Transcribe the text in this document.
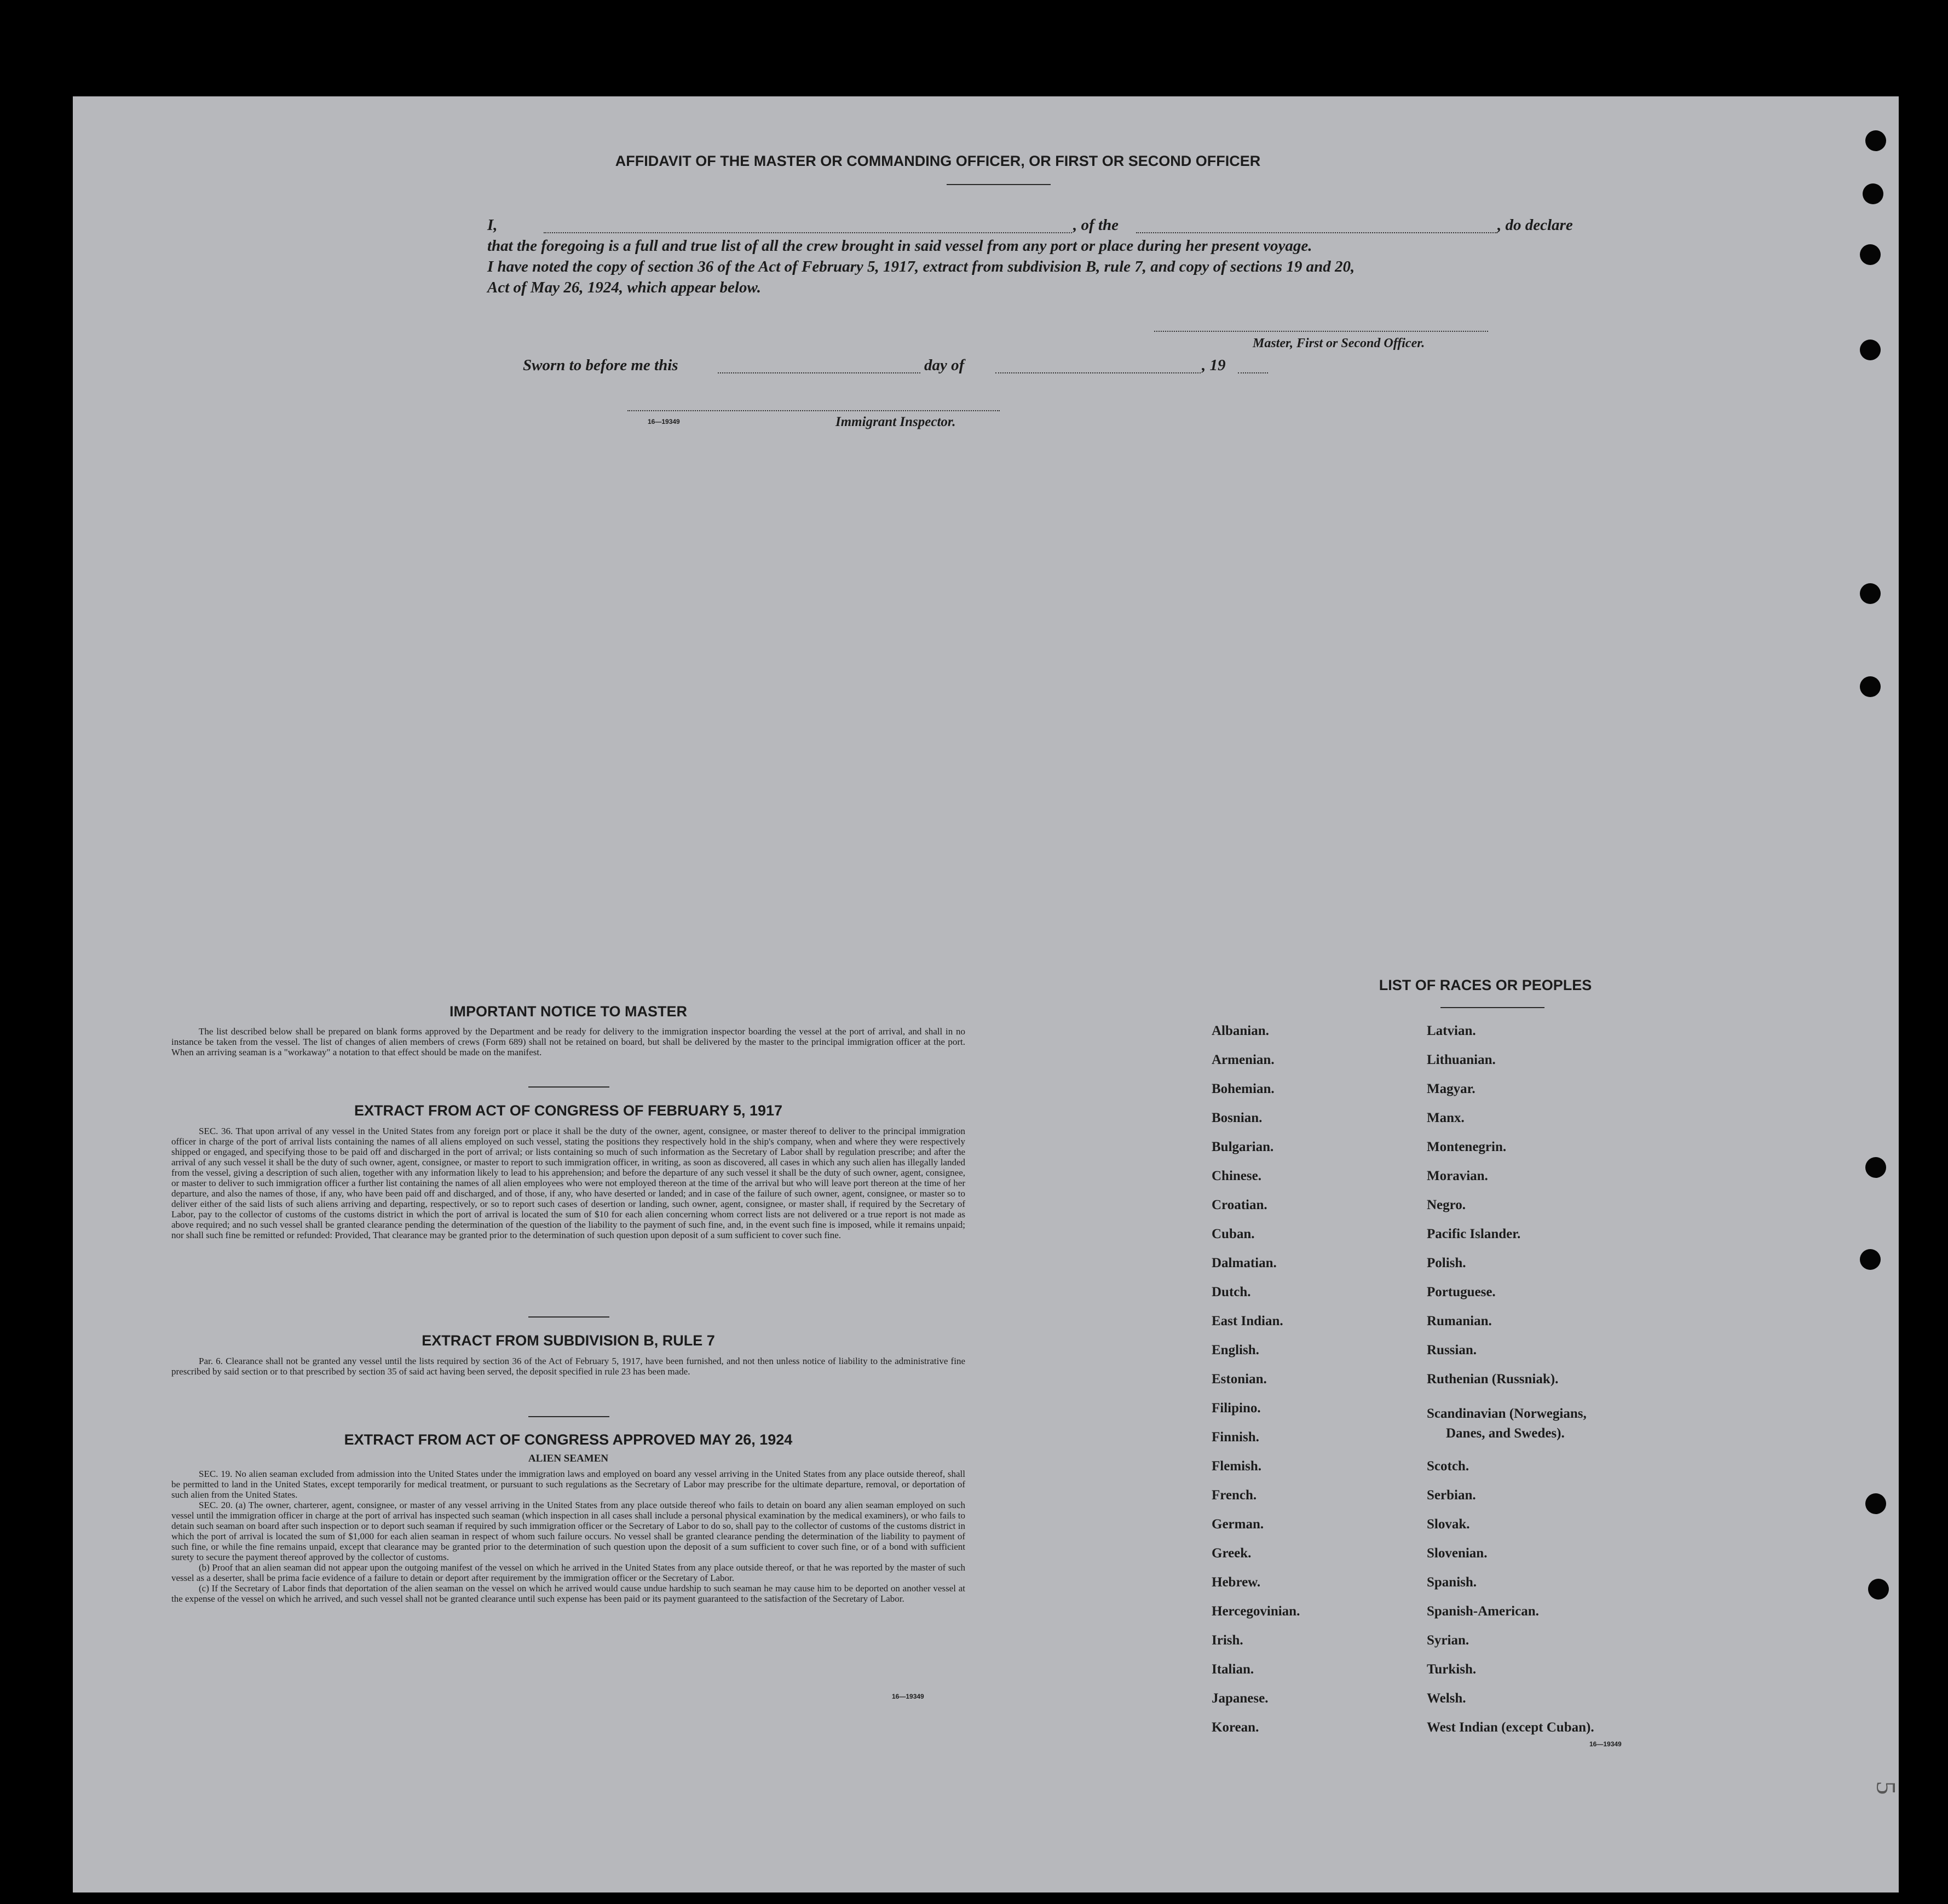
AFFIDAVIT OF THE MASTER OR COMMANDING OFFICER, OR FIRST OR SECOND OFFICER
I,	, of the	, do declare
that the foregoing is a full and true list of all the crew brought in said vessel from any port or place during her present voyage.
I have noted the copy of section 36 of the Act of February 5, 1917, extract from subdivision B, rule 7, and copy of sections 19 and 20,
Act of May 26, 1924, which appear below.
Master, First or Second Officer.
Sworn to before me this	day of	, 19
16—19349	Immigrant Inspector.
IMPORTANT NOTICE TO MASTER

The list described below shall be prepared on blank forms approved by the Department and be ready for delivery to the immigration inspector boarding the vessel at the port of arrival, and shall in no instance be taken from the vessel. The list of changes of alien members of crews (Form 689) shall not be retained on board, but shall be delivered by the master to the principal immigration officer at the port. When an arriving seaman is a "workaway" a notation to that effect should be made on the manifest.

EXTRACT FROM ACT OF CONGRESS OF FEBRUARY 5, 1917

SEC. 36. That upon arrival of any vessel in the United States from any foreign port or place it shall be the duty of the owner, agent, consignee, or master thereof to deliver to the principal immigration officer in charge of the port of arrival lists containing the names of all aliens employed on such vessel, stating the positions they respectively hold in the ship's company, when and where they were respectively shipped or engaged, and specifying those to be paid off and discharged in the port of arrival; or lists containing so much of such information as the Secretary of Labor shall by regulation prescribe; and after the arrival of any such vessel it shall be the duty of such owner, agent, consignee, or master to report to such immigration officer, in writing, as soon as discovered, all cases in which any such alien has illegally landed from the vessel, giving a description of such alien, together with any information likely to lead to his apprehension; and before the departure of any such vessel it shall be the duty of such owner, agent, consignee, or master to deliver to such immigration officer a further list containing the names of all alien employees who were not employed thereon at the time of the arrival but who will leave port thereon at the time of her departure, and also the names of those, if any, who have been paid off and discharged, and of those, if any, who have deserted or landed; and in case of the failure of such owner, agent, consignee, or master so to deliver either of the said lists of such aliens arriving and departing, respectively, or so to report such cases of desertion or landing, such owner, agent, consignee, or master shall, if required by the Secretary of Labor, pay to the collector of customs of the customs district in which the port of arrival is located the sum of $10 for each alien concerning whom correct lists are not delivered or a true report is not made as above required; and no such vessel shall be granted clearance pending the determination of the question of the liability to the payment of such fine, and, in the event such fine is imposed, while it remains unpaid; nor shall such fine be remitted or refunded: Provided, That clearance may be granted prior to the determination of such question upon deposit of a sum sufficient to cover such fine.

EXTRACT FROM SUBDIVISION B, RULE 7

Par. 6. Clearance shall not be granted any vessel until the lists required by section 36 of the Act of February 5, 1917, have been furnished, and not then unless notice of liability to the administrative fine prescribed by said section or to that prescribed by section 35 of said act having been served, the deposit specified in rule 23 has been made.

EXTRACT FROM ACT OF CONGRESS APPROVED MAY 26, 1924
ALIEN SEAMEN

SEC. 19. No alien seaman excluded from admission into the United States under the immigration laws and employed on board any vessel arriving in the United States from any place outside thereof, shall be permitted to land in the United States, except temporarily for medical treatment, or pursuant to such regulations as the Secretary of Labor may prescribe for the ultimate departure, removal, or deportation of such alien from the United States.

SEC. 20. (a) The owner, charterer, agent, consignee, or master of any vessel arriving in the United States from any place outside thereof who fails to detain on board any alien seaman employed on such vessel until the immigration officer in charge at the port of arrival has inspected such seaman (which inspection in all cases shall include a personal physical examination by the medical examiners), or who fails to detain such seaman on board after such inspection or to deport such seaman if required by such immigration officer or the Secretary of Labor to do so, shall pay to the collector of customs of the customs district in which the port of arrival is located the sum of $1,000 for each alien seaman in respect of whom such failure occurs. No vessel shall be granted clearance pending the determination of the liability to payment of such fine, or while the fine remains unpaid, except that clearance may be granted prior to the determination of such question upon the deposit of a sum sufficient to cover such fine, or of a bond with sufficient surety to secure the payment thereof approved by the collector of customs.

(b) Proof that an alien seaman did not appear upon the outgoing manifest of the vessel on which he arrived in the United States from any place outside thereof, or that he was reported by the master of such vessel as a deserter, shall be prima facie evidence of a failure to detain or deport after requirement by the immigration officer or the Secretary of Labor.

(c) If the Secretary of Labor finds that deportation of the alien seaman on the vessel on which he arrived would cause undue hardship to such seaman he may cause him to be deported on another vessel at the expense of the vessel on which he arrived, and such vessel shall not be granted clearance until such expense has been paid or its payment guaranteed to the satisfaction of the Secretary of Labor.

16—19349
LIST OF RACES OR PEOPLES
Albanian.
Armenian.
Bohemian.
Bosnian.
Bulgarian.
Chinese.
Croatian.
Cuban.
Dalmatian.
Dutch.
East Indian.
English.
Estonian.
Filipino.
Finnish.
Flemish.
French.
German.
Greek.
Hebrew.
Hercegovinian.
Irish.
Italian.
Japanese.
Korean.
Latvian.
Lithuanian.
Magyar.
Manx.
Montenegrin.
Moravian.
Negro.
Pacific Islander.
Polish.
Portuguese.
Rumanian.
Russian.
Ruthenian (Russniak).
Scandinavian (Norwegians,
Danes, and Swedes).
Scotch.
Serbian.
Slovak.
Slovenian.
Spanish.
Spanish-American.
Syrian.
Turkish.
Welsh.
West Indian (except Cuban).
16—19349
5
